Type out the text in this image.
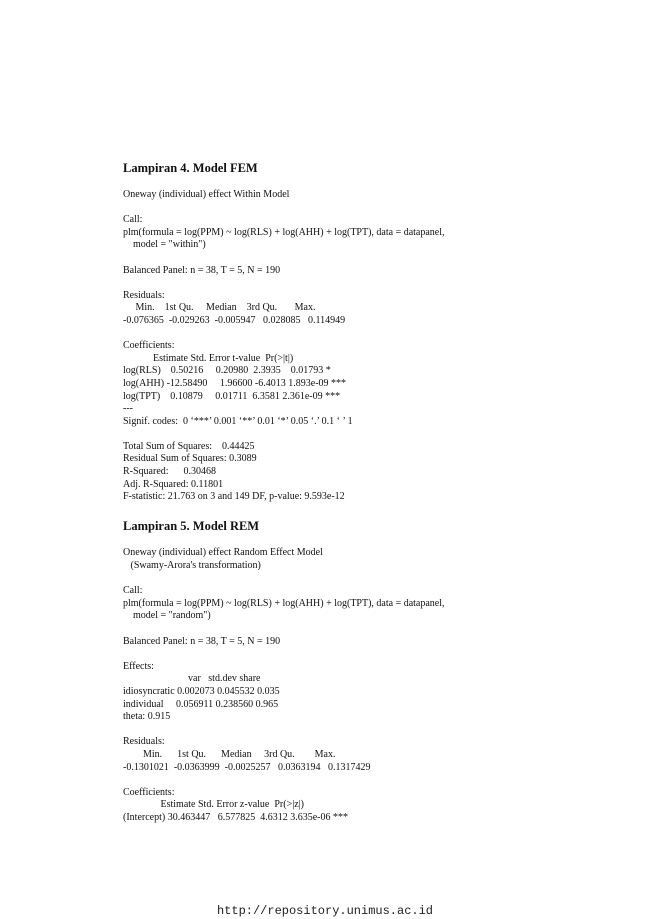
Lampiran 4. Model FEM
Oneway (individual) effect Within Model
Call:
plm(formula = log(PPM) ~ log(RLS) + log(AHH) + log(TPT), data = datapanel,
model = "within")
Balanced Panel: n = 38, T = 5, N = 190
Residuals:
Min.    1st Qu.     Median    3rd Qu.       Max.
-0.076365  -0.029263  -0.005947   0.028085   0.114949
Coefficients:
Estimate Std. Error t-value  Pr(>|t|)
log(RLS)    0.50216     0.20980  2.3935    0.01793 *
log(AHH) -12.58490     1.96600 -6.4013 1.893e-09 ***
log(TPT)    0.10879     0.01711  6.3581 2.361e-09 ***
---
Signif. codes:  0 ‘***’ 0.001 ‘**’ 0.01 ‘*’ 0.05 ‘.’ 0.1 ‘ ’ 1
Total Sum of Squares:    0.44425
Residual Sum of Squares: 0.3089
R-Squared:      0.30468
Adj. R-Squared: 0.11801
F-statistic: 21.763 on 3 and 149 DF, p-value: 9.593e-12
Lampiran 5. Model REM
Oneway (individual) effect Random Effect Model
(Swamy-Arora's transformation)
Call:
plm(formula = log(PPM) ~ log(RLS) + log(AHH) + log(TPT), data = datapanel,
model = "random")
Balanced Panel: n = 38, T = 5, N = 190
Effects:
var   std.dev share
idiosyncratic 0.002073 0.045532 0.035
individual     0.056911 0.238560 0.965
theta: 0.915
Residuals:
Min.      1st Qu.      Median     3rd Qu.        Max.
-0.1301021  -0.0363999  -0.0025257   0.0363194   0.1317429
Coefficients:
Estimate Std. Error z-value  Pr(>|z|)
(Intercept) 30.463447   6.577825  4.6312 3.635e-06 ***
http://repository.unimus.ac.id
